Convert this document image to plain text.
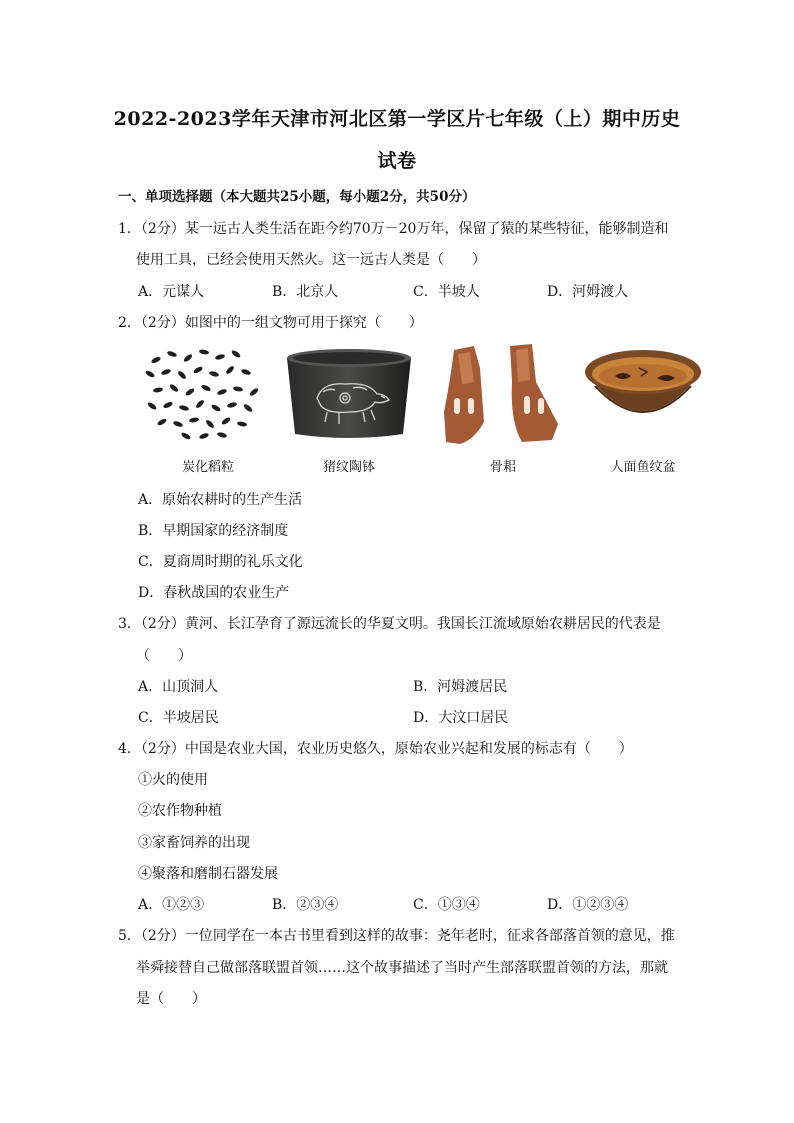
2022-2023学年天津市河北区第一学区片七年级（上）期中历史
试卷
一、单项选择题（本大题共25小题，每小题2分，共50分）
1．（2分）某一远古人类生活在距今约70万－20万年，保留了猿的某些特征，能够制造和
使用工具，已经会使用天然火。这一远古人类是（　　）
A．元谋人	B．北京人	C．半坡人	D．河姆渡人
2．（2分）如图中的一组文物可用于探究（　　）
炭化稻粒	猪纹陶钵	骨耜	人面鱼纹盆
A．原始农耕时的生产生活
B．早期国家的经济制度
C．夏商周时期的礼乐文化
D．春秋战国的农业生产
3．（2分）黄河、长江孕育了源远流长的华夏文明。我国长江流域原始农耕居民的代表是
（　　）
A．山顶洞人	B．河姆渡居民
C．半坡居民	D．大汶口居民
4．（2分）中国是农业大国，农业历史悠久，原始农业兴起和发展的标志有（　　）
①火的使用
②农作物种植
③家畜饲养的出现
④聚落和磨制石器发展
A．①②③	B．②③④	C．①③④	D．①②③④
5．（2分）一位同学在一本古书里看到这样的故事：尧年老时，征求各部落首领的意见，推
举舜接替自己做部落联盟首领……这个故事描述了当时产生部落联盟首领的方法，那就
是（　　）
